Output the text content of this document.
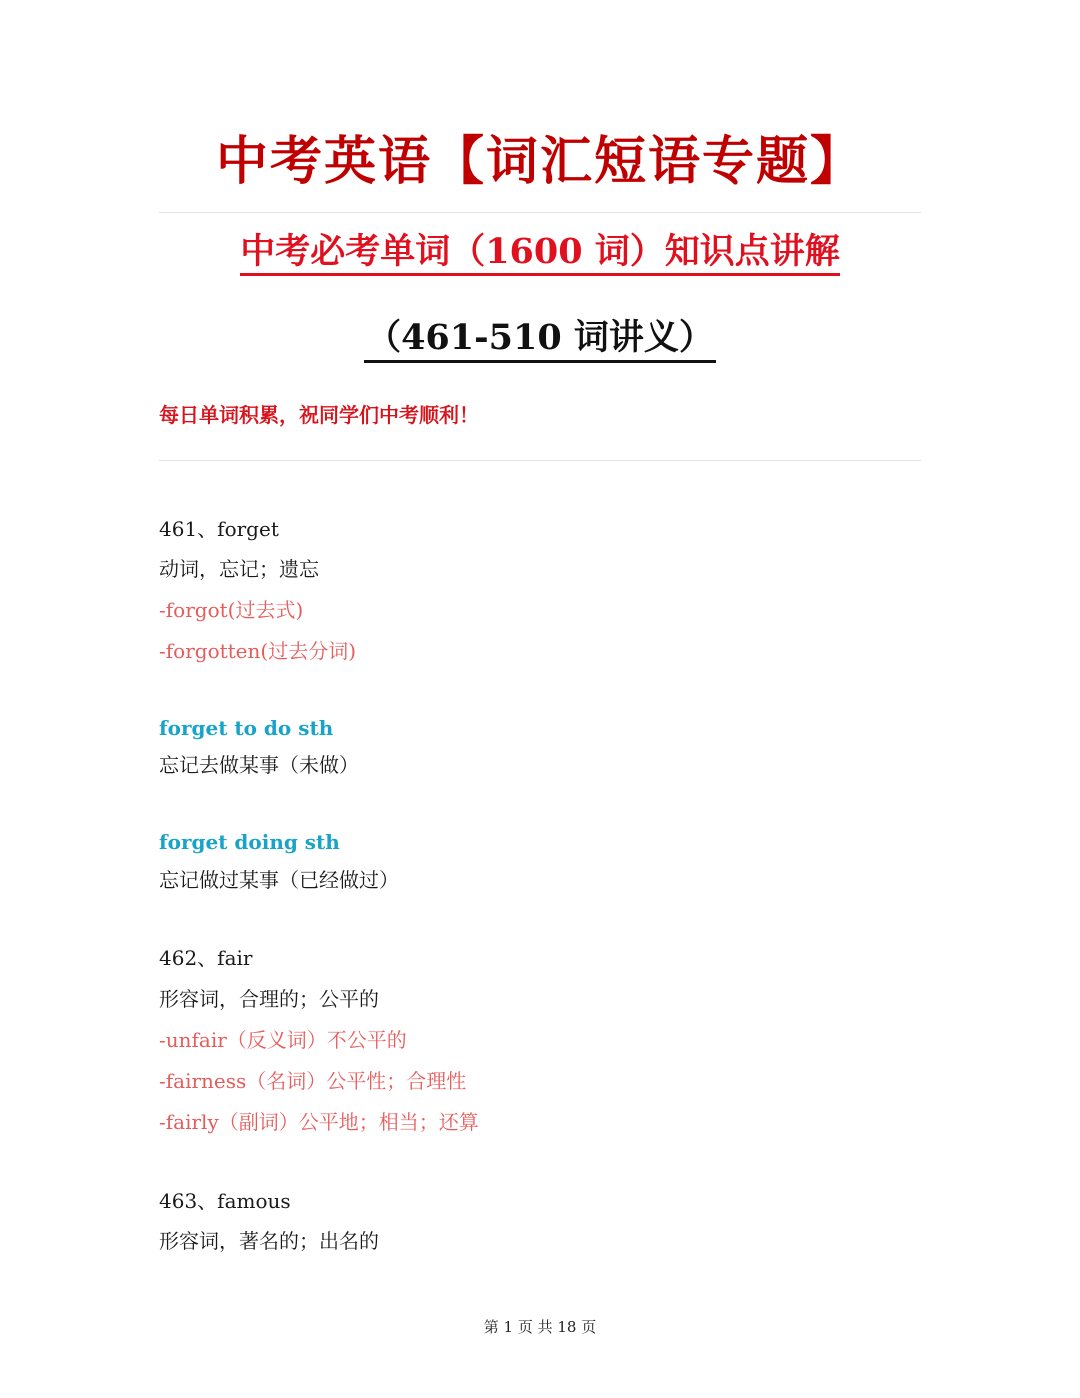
中考英语【词汇短语专题】
中考必考单词（1600 词）知识点讲解
（461-510 词讲义）
每日单词积累，祝同学们中考顺利！
461、forget
动词，忘记；遗忘
-forgot(过去式)
-forgotten(过去分词)
forget to do sth
忘记去做某事（未做）
forget doing sth
忘记做过某事（已经做过）
462、fair
形容词，合理的；公平的
-unfair（反义词）不公平的
-fairness（名词）公平性；合理性
-fairly（副词）公平地；相当；还算
463、famous
形容词，著名的；出名的
第 1 页 共 18 页
